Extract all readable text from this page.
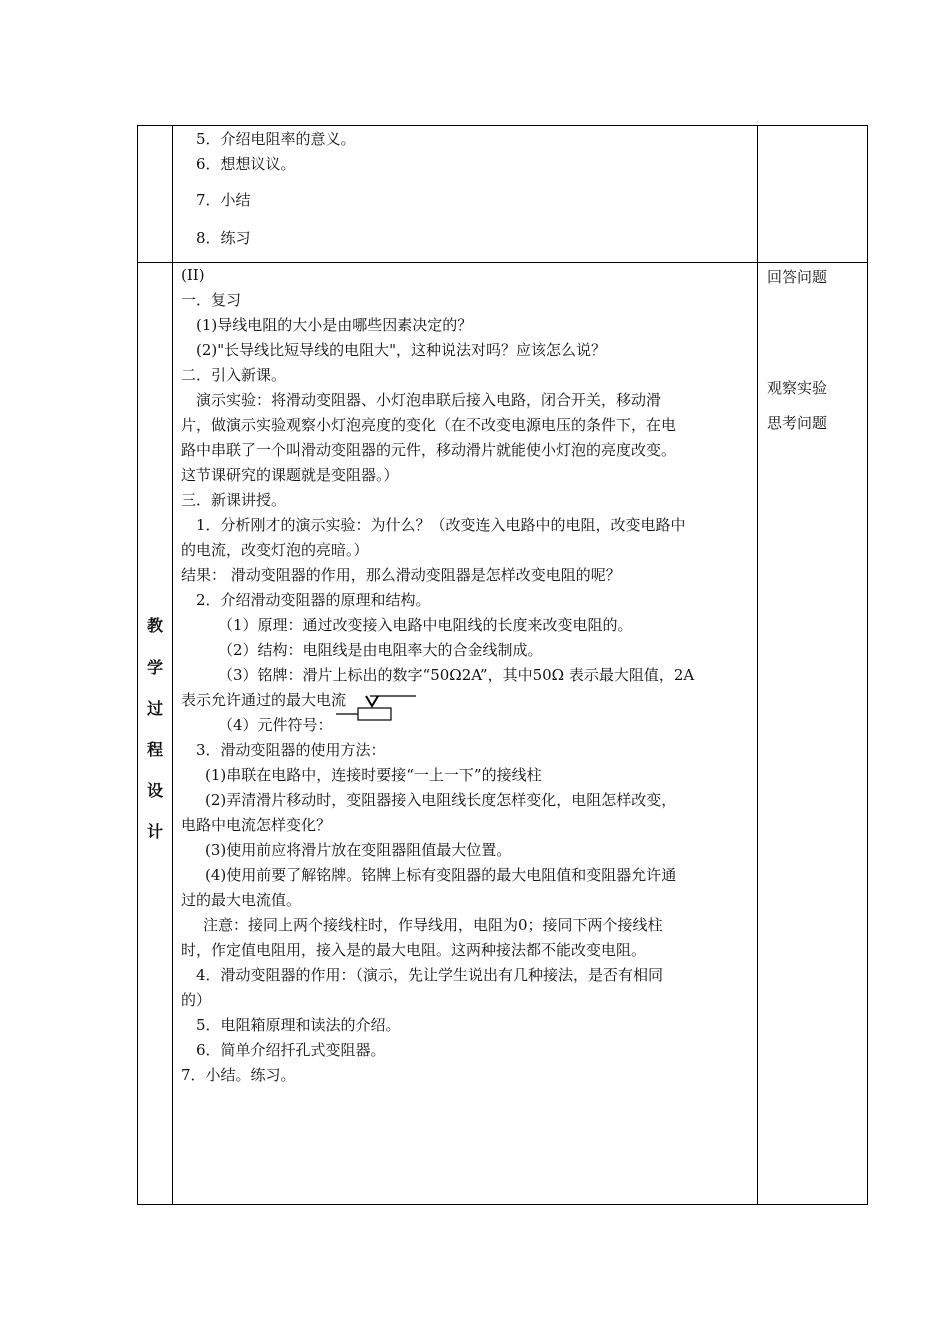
5．介绍电阻率的意义。
6．想想议议。
7．小结
8．练习
教
学
过
程
设
计
(II)
一．复习
(1)导线电阻的大小是由哪些因素决定的？
(2)"长导线比短导线的电阻大"，这种说法对吗？应该怎么说？
二．引入新课。
演示实验：将滑动变阻器、小灯泡串联后接入电路，闭合开关，移动滑
片，做演示实验观察小灯泡亮度的变化（在不改变电源电压的条件下，在电
路中串联了一个叫滑动变阻器的元件，移动滑片就能使小灯泡的亮度改变。
这节课研究的课题就是变阻器。）
三．新课讲授。
1．分析刚才的演示实验：为什么？（改变连入电路中的电阻，改变电路中
的电流，改变灯泡的亮暗。）
结果： 滑动变阻器的作用，那么滑动变阻器是怎样改变电阻的呢？
2．介绍滑动变阻器的原理和结构。
（1）原理：通过改变接入电路中电阻线的长度来改变电阻的。
（2）结构：电阻线是由电阻率大的合金线制成。
（3）铭牌：滑片上标出的数字“50Ω2A”，其中50Ω 表示最大阻值，2A
表示允许通过的最大电流
（4）元件符号：
3．滑动变阻器的使用方法：
(1)串联在电路中，连接时要接“一上一下”的接线柱
(2)弄清滑片移动时，变阻器接入电阻线长度怎样变化，电阻怎样改变，
电路中电流怎样变化？
(3)使用前应将滑片放在变阻器阻值最大位置。
(4)使用前要了解铭牌。铭牌上标有变阻器的最大电阻值和变阻器允许通
过的最大电流值。
注意：接同上两个接线柱时，作导线用，电阻为0；接同下两个接线柱
时，作定值电阻用，接入是的最大电阻。这两种接法都不能改变电阻。
4．滑动变阻器的作用：（演示，先让学生说出有几种接法，是否有相同
的）
5．电阻箱原理和读法的介绍。
6．简单介绍扦孔式变阻器。
7．小结。练习。
回答问题
观察实验
思考问题
